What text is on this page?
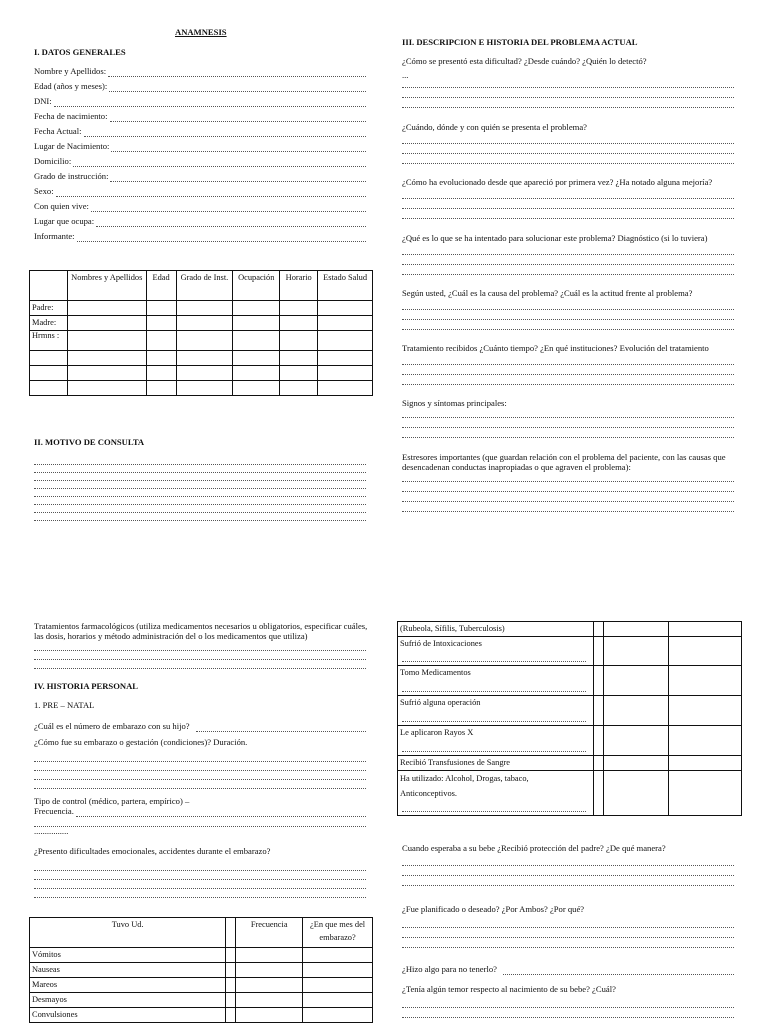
ANAMNESIS
I. DATOS GENERALES
Nombre y Apellidos:
Edad (años y meses):
DNI:
Fecha de nacimiento:
Fecha Actual:
Lugar de Nacimiento:
Domicilio:
Grado de instrucción:
Sexo:
Con quien vive:
Lugar que ocupa:
Informante:
	Nombres y Apellidos	Edad	Grado de Inst.	Ocupación	Horario	Estado Salud
Padre:						
Madre:						
Hrmns :						

II. MOTIVO DE CONSULTA
III. DESCRIPCION E HISTORIA DEL PROBLEMA ACTUAL
¿Cómo se presentó esta dificultad? ¿Desde cuándo? ¿Quién lo detectó?
¿Cuándo, dónde y con quién se presenta el problema?
¿Cómo ha evolucionado desde que apareció por primera vez? ¿Ha notado alguna mejoría?
¿Qué es lo que se ha intentado para solucionar este problema? Diagnóstico (si lo tuviera)
Según usted, ¿Cuál es la causa del problema? ¿Cuál es la actitud frente al problema?
Tratamiento recibidos ¿Cuánto tiempo? ¿En qué instituciones? Evolución del tratamiento
Signos y síntomas principales:
Estresores importantes (que guardan relación con el problema del paciente, con las causas que desencadenan conductas inapropiadas o que agraven el problema):
...
Tratamientos farmacológicos (utiliza medicamentos necesarios u obligatorios, especificar cuáles, las dosis, horarios y método administración del o los medicamentos que utiliza)
IV. HISTORIA PERSONAL
1. PRE – NATAL
¿Cuál es el número de embarazo con su hijo?
¿Cómo fue su embarazo o gestación (condiciones)? Duración.
Tipo de control (médico, partera, empírico) –
Frecuencia.
................
¿Presento dificultades emocionales, accidentes durante el embarazo?
Tuvo Ud.		Frecuencia	¿En que mes del embarazo?
Vómitos			
Nauseas			
Mareos			
Desmayos			
Convulsiones			
(Rubeola, Sífilis, Tuberculosis)			

Sufrió de Intoxicaciones			

Tomo Medicamentos			

Sufrió alguna operación			

Le aplicaron Rayos X			

Recibió Transfusiones de Sangre			

Ha utilizado: Alcohol, Drogas, tabaco, Anticonceptivos.			

Cuando esperaba a su bebe ¿Recibió protección del padre? ¿De qué manera?
¿Fue planificado o deseado? ¿Por Ambos? ¿Por qué?
¿Hizo algo para no tenerlo?
¿Tenía algún temor respecto al nacimiento de su bebe? ¿Cuál?
